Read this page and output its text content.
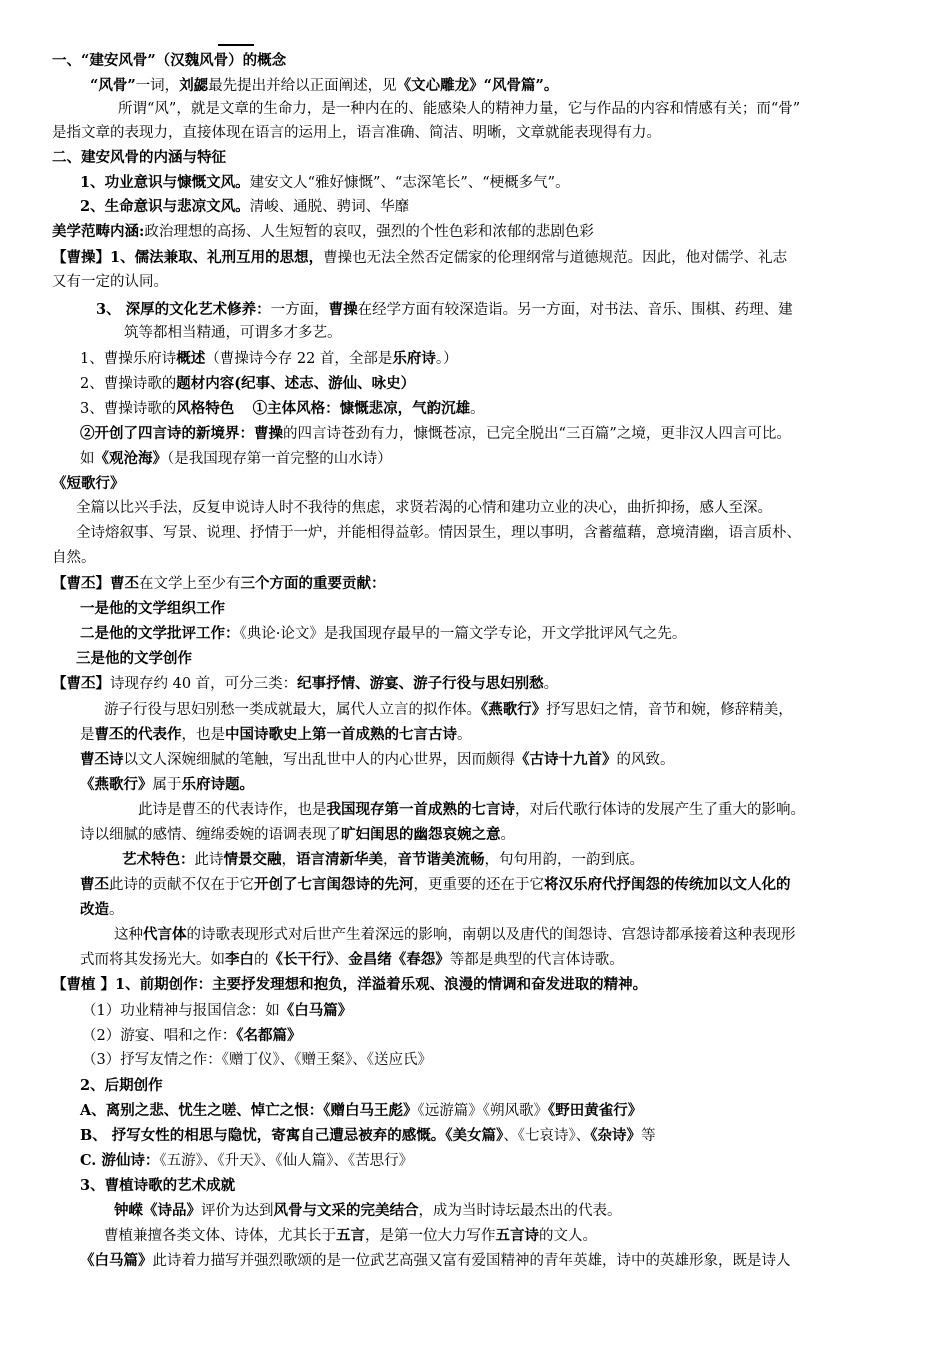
一、“建安风骨”（汉魏风骨）的概念
“风骨”一词，刘勰最先提出并给以正面阐述，见《文心雕龙》“风骨篇”。
所谓“风”，就是文章的生命力，是一种内在的、能感染人的精神力量，它与作品的内容和情感有关；而“骨”
是指文章的表现力，直接体现在语言的运用上，语言准确、简洁、明晰，文章就能表现得有力。
二、建安风骨的内涵与特征
1、功业意识与慷慨文风。建安文人“雅好慷慨”、“志深笔长”、“梗概多气”。
2、生命意识与悲凉文风。清峻、通脱、骋词、华靡
美学范畴内涵:政治理想的高扬、人生短暂的哀叹，强烈的个性色彩和浓郁的悲剧色彩
【曹操】1、儒法兼取、礼刑互用的思想，曹操也无法全然否定儒家的伦理纲常与道德规范。因此，他对儒学、礼志
又有一定的认同。
3、 深厚的文化艺术修养：一方面，曹操在经学方面有较深造诣。另一方面，对书法、音乐、围棋、药理、建
筑等都相当精通，可谓多才多艺。
1、曹操乐府诗概述（曹操诗今存 22 首，全部是乐府诗。）
2、曹操诗歌的题材内容(纪事、述志、游仙、咏史）
3、曹操诗歌的风格特色 ①主体风格：慷慨悲凉，气韵沉雄。
②开创了四言诗的新境界：曹操的四言诗苍劲有力，慷慨苍凉，已完全脱出“三百篇”之境，更非汉人四言可比。
如《观沧海》（是我国现存第一首完整的山水诗）
《短歌行》
全篇以比兴手法，反复申说诗人时不我待的焦虑，求贤若渴的心情和建功立业的决心，曲折抑扬，感人至深。
全诗熔叙事、写景、说理、抒情于一炉，并能相得益彰。情因景生，理以事明，含蓄蕴藉，意境清幽，语言质朴、
自然。
【曹丕】曹丕在文学上至少有三个方面的重要贡献：
一是他的文学组织工作
二是他的文学批评工作：《典论·论文》是我国现存最早的一篇文学专论，开文学批评风气之先。
三是他的文学创作
【曹丕】诗现存约 40 首，可分三类：纪事抒情、游宴、游子行役与思妇别愁。
游子行役与思妇别愁一类成就最大，属代人立言的拟作体。《燕歌行》抒写思妇之情，音节和婉，修辞精美，
是曹丕的代表作，也是中国诗歌史上第一首成熟的七言古诗。
曹丕诗以文人深婉细腻的笔触，写出乱世中人的内心世界，因而颇得《古诗十九首》的风致。
《燕歌行》属于乐府诗题。
此诗是曹丕的代表诗作，也是我国现存第一首成熟的七言诗，对后代歌行体诗的发展产生了重大的影响。
诗以细腻的感情、缠绵委婉的语调表现了旷妇闺思的幽怨哀婉之意。
艺术特色：此诗情景交融，语言清新华美，音节谐美流畅，句句用韵，一韵到底。
曹丕此诗的贡献不仅在于它开创了七言闺怨诗的先河，更重要的还在于它将汉乐府代抒闺怨的传统加以文人化的
改造。
这种代言体的诗歌表现形式对后世产生着深远的影响，南朝以及唐代的闺怨诗、宫怨诗都承接着这种表现形
式而将其发扬光大。如李白的《长干行》、金昌绪《春怨》等都是典型的代言体诗歌。
【曹植 】1、前期创作：主要抒发理想和抱负，洋溢着乐观、浪漫的情调和奋发进取的精神。
（1）功业精神与报国信念：如《白马篇》
（2）游宴、唱和之作：《名都篇》
（3）抒写友情之作：《赠丁仪》、《赠王粲》、《送应氏》
2、后期创作
A、离别之悲、忧生之嗟、悼亡之恨：《赠白马王彪》《远游篇》《朔风歌》《野田黄雀行》
B、 抒写女性的相思与隐忧，寄寓自己遭忌被弃的感慨。《美女篇》、《七哀诗》、《杂诗》等
C. 游仙诗：《五游》、《升天》、《仙人篇》、《苦思行》
3、曹植诗歌的艺术成就
钟嵘《诗品》评价为达到风骨与文采的完美结合，成为当时诗坛最杰出的代表。
曹植兼擅各类文体、诗体，尤其长于五言，是第一位大力写作五言诗的文人。
《白马篇》此诗着力描写并强烈歌颂的是一位武艺高强又富有爱国精神的青年英雄，诗中的英雄形象，既是诗人
